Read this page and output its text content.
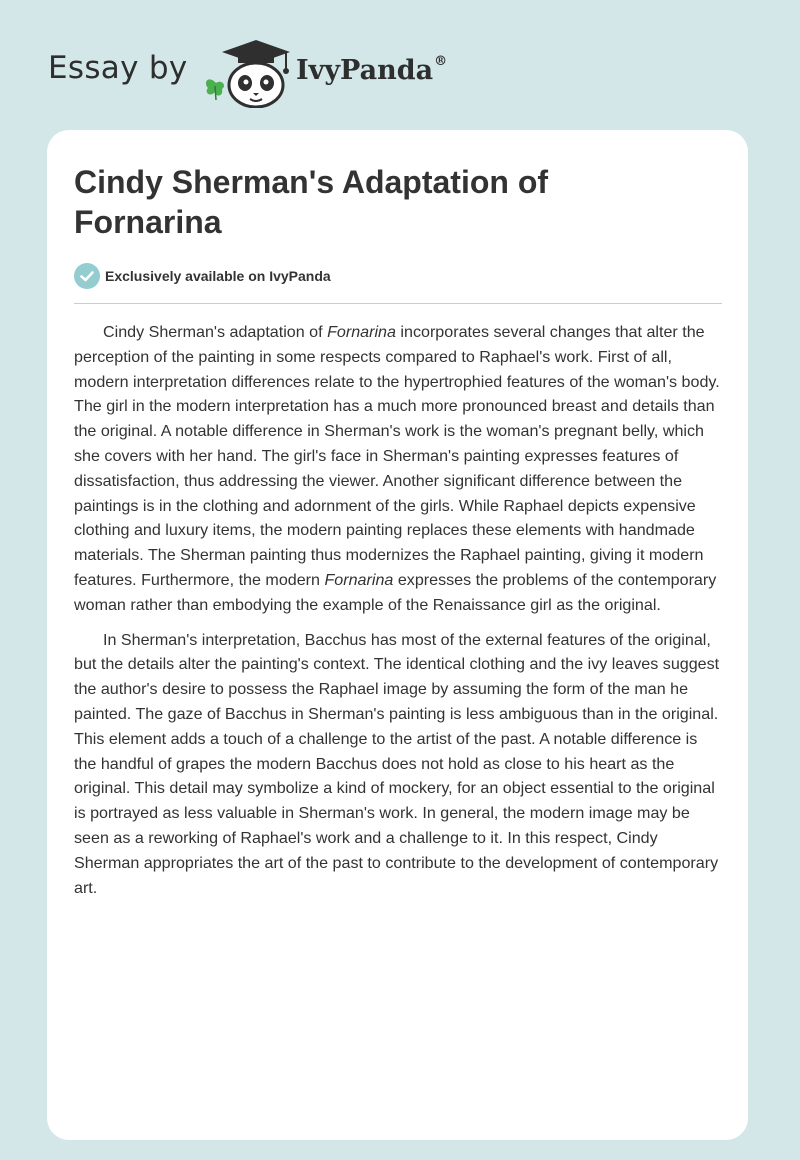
Essay by	IvyPanda®
Cindy Sherman's Adaptation of Fornarina
Exclusively available on IvyPanda

Cindy Sherman's adaptation of Fornarina incorporates several changes that alter the perception of the painting in some respects compared to Raphael's work. First of all, modern interpretation differences relate to the hypertrophied features of the woman's body. The girl in the modern interpretation has a much more pronounced breast and details than the original. A notable difference in Sherman's work is the woman's pregnant belly, which she covers with her hand. The girl's face in Sherman's painting expresses features of dissatisfaction, thus addressing the viewer. Another significant difference between the paintings is in the clothing and adornment of the girls. While Raphael depicts expensive clothing and luxury items, the modern painting replaces these elements with handmade materials. The Sherman painting thus modernizes the Raphael painting, giving it modern features. Furthermore, the modern Fornarina expresses the problems of the contemporary woman rather than embodying the example of the Renaissance girl as the original.

In Sherman's interpretation, Bacchus has most of the external features of the original, but the details alter the painting's context. The identical clothing and the ivy leaves suggest the author's desire to possess the Raphael image by assuming the form of the man he painted. The gaze of Bacchus in Sherman's painting is less ambiguous than in the original. This element adds a touch of a challenge to the artist of the past. A notable difference is the handful of grapes the modern Bacchus does not hold as close to his heart as the original. This detail may symbolize a kind of mockery, for an object essential to the original is portrayed as less valuable in Sherman's work. In general, the modern image may be seen as a reworking of Raphael's work and a challenge to it. In this respect, Cindy Sherman appropriates the art of the past to contribute to the development of contemporary art.
